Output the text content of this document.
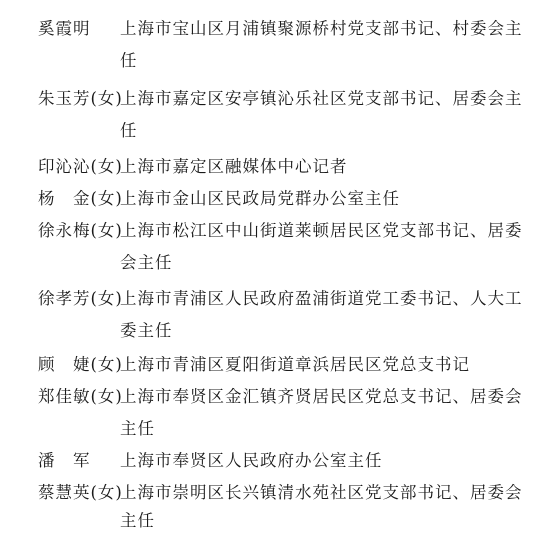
奚霞明 上海市宝山区月浦镇聚源桥村党支部书记、村委会主
任
朱玉芳(女)
上海市嘉定区安亭镇沁乐社区党支部书记、居委会主
任
印沁沁(女)
上海市嘉定区融媒体中心记者
杨　金(女)
上海市金山区民政局党群办公室主任
徐永梅(女)
上海市松江区中山街道莱顿居民区党支部书记、居委
会主任
徐孝芳(女)
上海市青浦区人民政府盈浦街道党工委书记、人大工
委主任
顾　婕(女)
上海市青浦区夏阳街道章浜居民区党总支书记
郑佳敏(女)
上海市奉贤区金汇镇齐贤居民区党总支书记、居委会
主任
潘　军 上海市奉贤区人民政府办公室主任
蔡慧英(女)
上海市崇明区长兴镇清水苑社区党支部书记、居委会
主任
